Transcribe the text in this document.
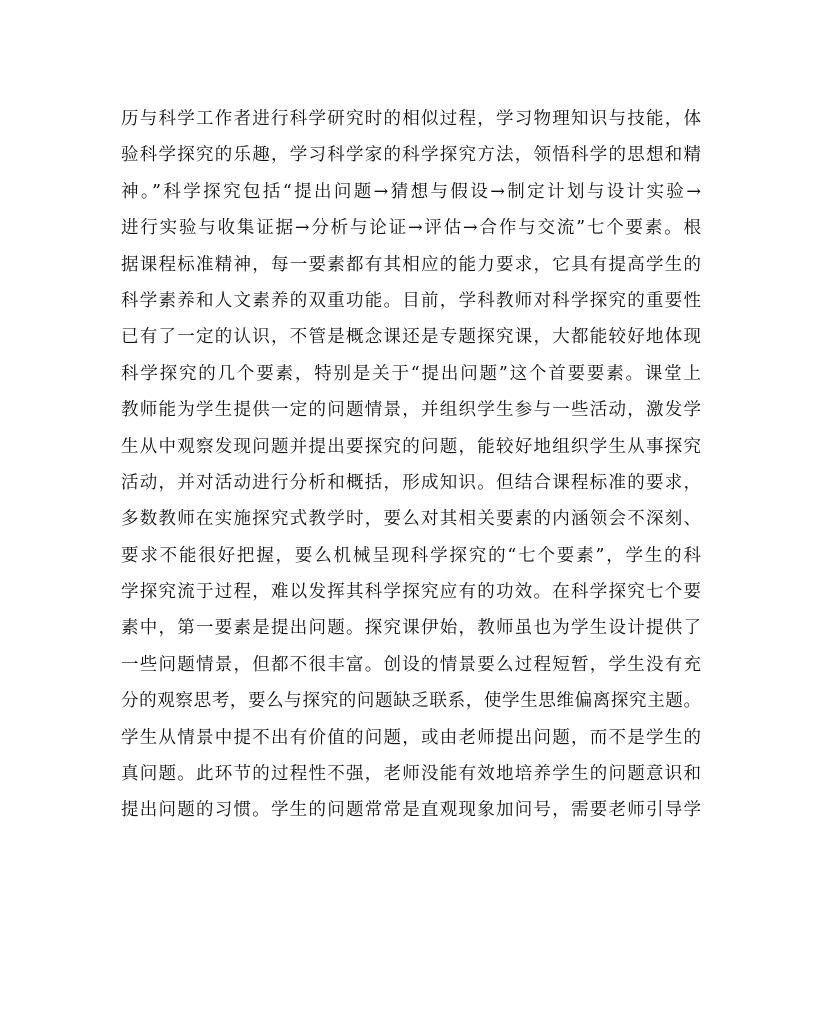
历与科学工作者进行科学研究时的相似过程，学习物理知识与技能，体
验科学探究的乐趣，学习科学家的科学探究方法，领悟科学的思想和精
神。”科学探究包括“提出问题→猜想与假设→制定计划与设计实验→
进行实验与收集证据→分析与论证→评估→合作与交流”七个要素。根
据课程标准精神，每一要素都有其相应的能力要求，它具有提高学生的
科学素养和人文素养的双重功能。目前，学科教师对科学探究的重要性
已有了一定的认识，不管是概念课还是专题探究课，大都能较好地体现
科学探究的几个要素，特别是关于“提出问题”这个首要要素。课堂上
教师能为学生提供一定的问题情景，并组织学生参与一些活动，激发学
生从中观察发现问题并提出要探究的问题，能较好地组织学生从事探究
活动，并对活动进行分析和概括，形成知识。但结合课程标准的要求，
多数教师在实施探究式教学时，要么对其相关要素的内涵领会不深刻、
要求不能很好把握，要么机械呈现科学探究的“七个要素”，学生的科
学探究流于过程，难以发挥其科学探究应有的功效。在科学探究七个要
素中，第一要素是提出问题。探究课伊始，教师虽也为学生设计提供了
一些问题情景，但都不很丰富。创设的情景要么过程短暂，学生没有充
分的观察思考，要么与探究的问题缺乏联系，使学生思维偏离探究主题。
学生从情景中提不出有价值的问题，或由老师提出问题，而不是学生的
真问题。此环节的过程性不强，老师没能有效地培养学生的问题意识和
提出问题的习惯。学生的问题常常是直观现象加问号，需要老师引导学
